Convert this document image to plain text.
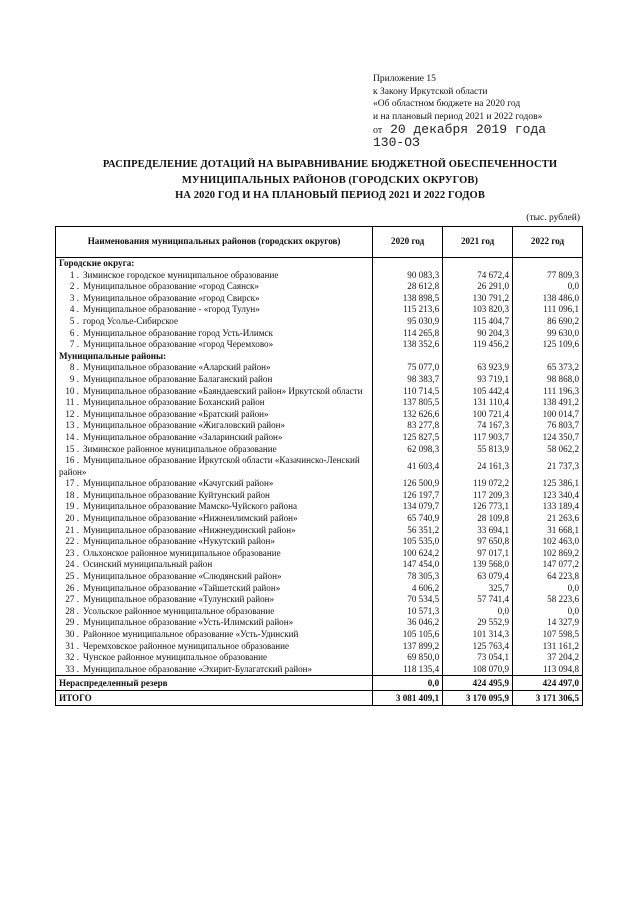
Приложение 15
к Закону Иркутской области
«Об областном бюджете на 2020 год
и на плановый период 2021 и 2022 годов»
от 20 декабря 2019 года
130-ОЗ
РАСПРЕДЕЛЕНИЕ ДОТАЦИЙ НА ВЫРАВНИВАНИЕ БЮДЖЕТНОЙ ОБЕСПЕЧЕННОСТИ
МУНИЦИПАЛЬНЫХ РАЙОНОВ (ГОРОДСКИХ ОКРУГОВ)
НА 2020 ГОД И НА ПЛАНОВЫЙ ПЕРИОД 2021 И 2022 ГОДОВ
(тыс. рублей)
Наименования муниципальных районов (городских округов)	2020 год	2021 год	2022 год
Городские округа:			
1 . Зиминское городское муниципальное образование	90 083,3	74 672,4	77 809,3
2 . Муниципальное образование «город Саянск»	28 612,8	26 291,0	0,0
3 . Муниципальное образование «город Свирск»	138 898,5	130 791,2	138 486,0
4 . Муниципальное образование - «город Тулун»	115 213,6	103 820,3	111 096,1
5 . город Усолье-Сибирское	95 030,9	115 404,7	86 690,2
6 . Муниципальное образование город Усть-Илимск	114 265,8	90 204,3	99 630,0
7 . Муниципальное образование «город Черемхово»	138 352,6	119 456,2	125 109,6
Муниципальные районы:			
8 . Муниципальное образование «Аларский район»	75 077,0	63 923,9	65 373,2
9 . Муниципальное образование Балаганский район	98 383,7	93 719,1	98 868,0
10 . Муниципальное образование «Баяндаевский район» Иркутской области	110 714,5	105 442,4	111 196,3
11 . Муниципальное образование Боханский район	137 805,5	131 110,4	138 491,2
12 . Муниципальное образование «Братский район»	132 626,6	100 721,4	100 014,7
13 . Муниципальное образование «Жигаловский район»	83 277,8	74 167,3	76 803,7
14 . Муниципальное образование «Заларинский район»	125 827,5	117 903,7	124 350,7
15 . Зиминское районное муниципальное образование	62 098,3	55 813,9	58 062,2
16 . Муниципальное образование Иркутской области «Казачинско-Ленский район»	41 603,4	24 161,3	21 737,3
17 . Муниципальное образование «Качугский район»	126 500,9	119 072,2	125 386,1
18 . Муниципальное образование Куйтунский район	126 197,7	117 209,3	123 340,4
19 . Муниципальное образование Мамско-Чуйского района	134 079,7	126 773,1	133 189,4
20 . Муниципальное образование «Нижнеилимский район»	65 740,9	28 109,8	21 263,6
21 . Муниципальное образование «Нижнеудинский район»	56 351,2	33 694,1	31 668,1
22 . Муниципальное образование «Нукутский район»	105 535,0	97 650,8	102 463,0
23 . Ольхонское районное муниципальное образование	100 624,2	97 017,1	102 869,2
24 . Осинский муниципальный район	147 454,0	139 568,0	147 077,2
25 . Муниципальное образование «Слюдянский район»	78 305,3	63 079,4	64 223,8
26 . Муниципальное образование «Тайшетский район»	4 606,2	325,7	0,0
27 . Муниципальное образование «Тулунский район»	70 534,5	57 741,4	58 223,6
28 . Усольское районное муниципальное образование	10 571,3	0,0	0,0
29 . Муниципальное образование «Усть-Илимский район»	36 046,2	29 552,9	14 327,9
30 . Районное муниципальное образование «Усть-Удинский	105 105,6	101 314,3	107 598,5
31 . Черемховское районное муниципальное образование	137 899,2	125 763,4	131 161,2
32 . Чунское районное муниципальное образование	69 850,0	73 054,1	37 204,2
33 . Муниципальное образование «Эхирит-Булагатский район»	118 135,4	108 070,9	113 094,8
Нераспределенный резерв	0,0	424 495,9	424 497,0
ИТОГО	3 081 409,1	3 170 095,9	3 171 306,5
